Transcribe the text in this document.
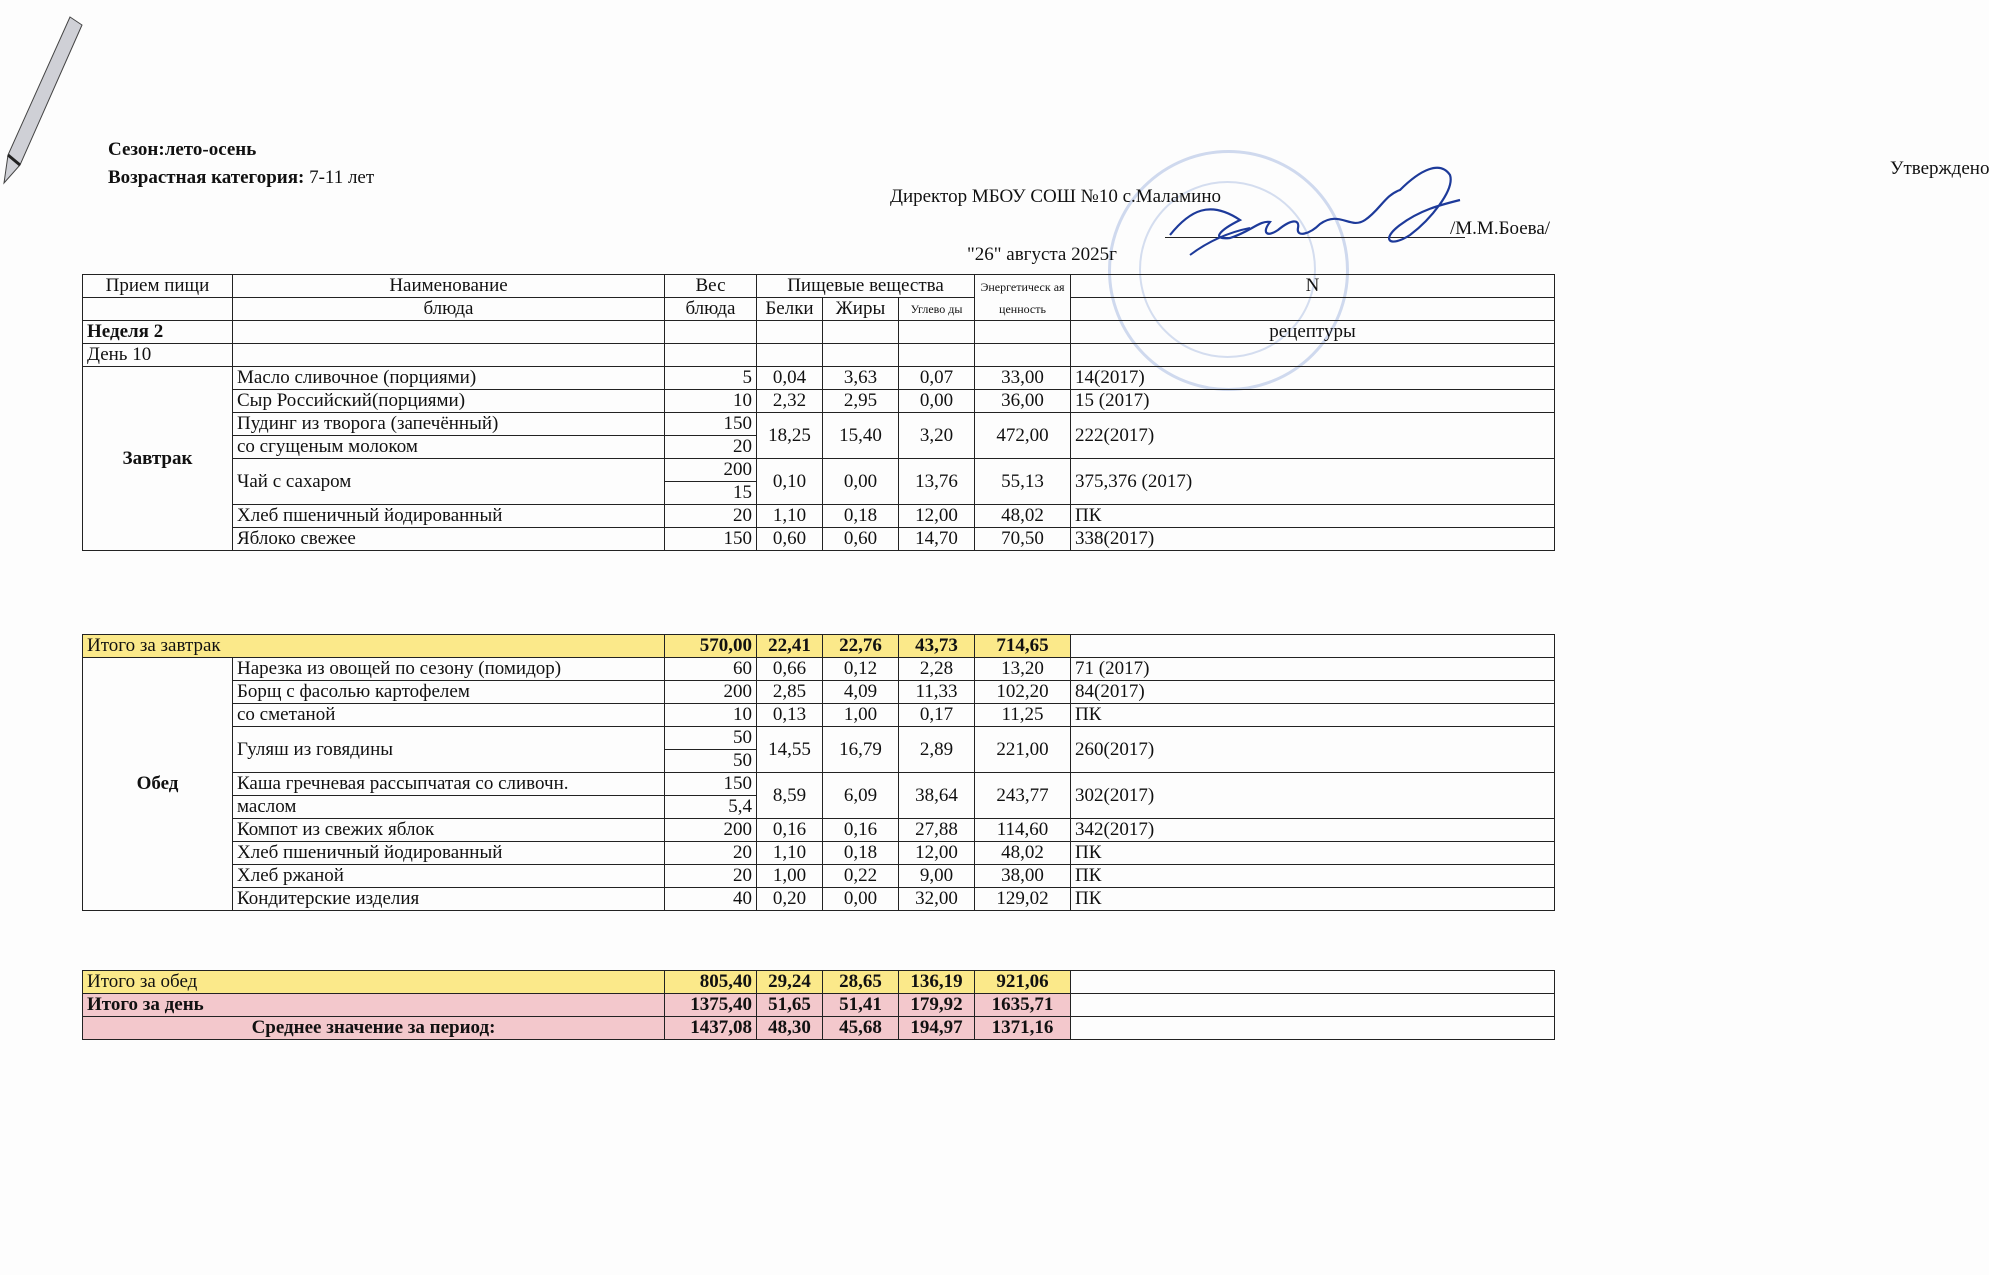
Сезон:лето-осень
Возрастная категория: 7-11 лет	Утверждено
Директор МБОУ СОШ №10 с.Маламино
/М.М.Боева/
"26" августа 2025г
Прием пищи	Наименование	Вес	Пищевые вещества			Энергетическ ая ценность	N
	блюда	блюда	Белки	Жиры	Углево ды		
Неделя 2							рецептуры
День 10							
Завтрак	Масло сливочное (порциями)	5	0,04	3,63	0,07	33,00	14(2017)
	Сыр Российский(порциями)	10	2,32	2,95	0,00	36,00	15 (2017)
	Пудинг из творога (запечённый)	150	18,25	15,40	3,20	472,00	222(2017)
	со сгущеным молоком	20					
	Чай с сахаром	200	0,10	0,00	13,76	55,13	375,376 (2017)
		15					
	Хлеб пшеничный йодированный	20	1,10	0,18	12,00	48,02	ПК
	Яблоко свежее	150	0,60	0,60	14,70	70,50	338(2017)
Итого за завтрак		570,00	22,41	22,76	43,73	714,65	
Обед	Нарезка из овощей по сезону (помидор)	60	0,66	0,12	2,28	13,20	71 (2017)
	Борщ с фасолью картофелем	200	2,85	4,09	11,33	102,20	84(2017)
	со сметаной	10	0,13	1,00	0,17	11,25	ПК
	Гуляш из говядины	50	14,55	16,79	2,89	221,00	260(2017)
		50					
	Каша гречневая рассыпчатая со сливочн.	150	8,59	6,09	38,64	243,77	302(2017)
	маслом	5,4					
	Компот из свежих яблок	200	0,16	0,16	27,88	114,60	342(2017)
	Хлеб пшеничный йодированный	20	1,10	0,18	12,00	48,02	ПК
	Хлеб ржаной	20	1,00	0,22	9,00	38,00	ПК
	Кондитерские изделия	40	0,20	0,00	32,00	129,02	ПК
Итого за обед	805,40	29,24	28,65	136,19	921,06	
Итого за день	1375,40	51,65	51,41	179,92	1635,71	
Среднее значение за период:	1437,08	48,30	45,68	194,97	1371,16	
